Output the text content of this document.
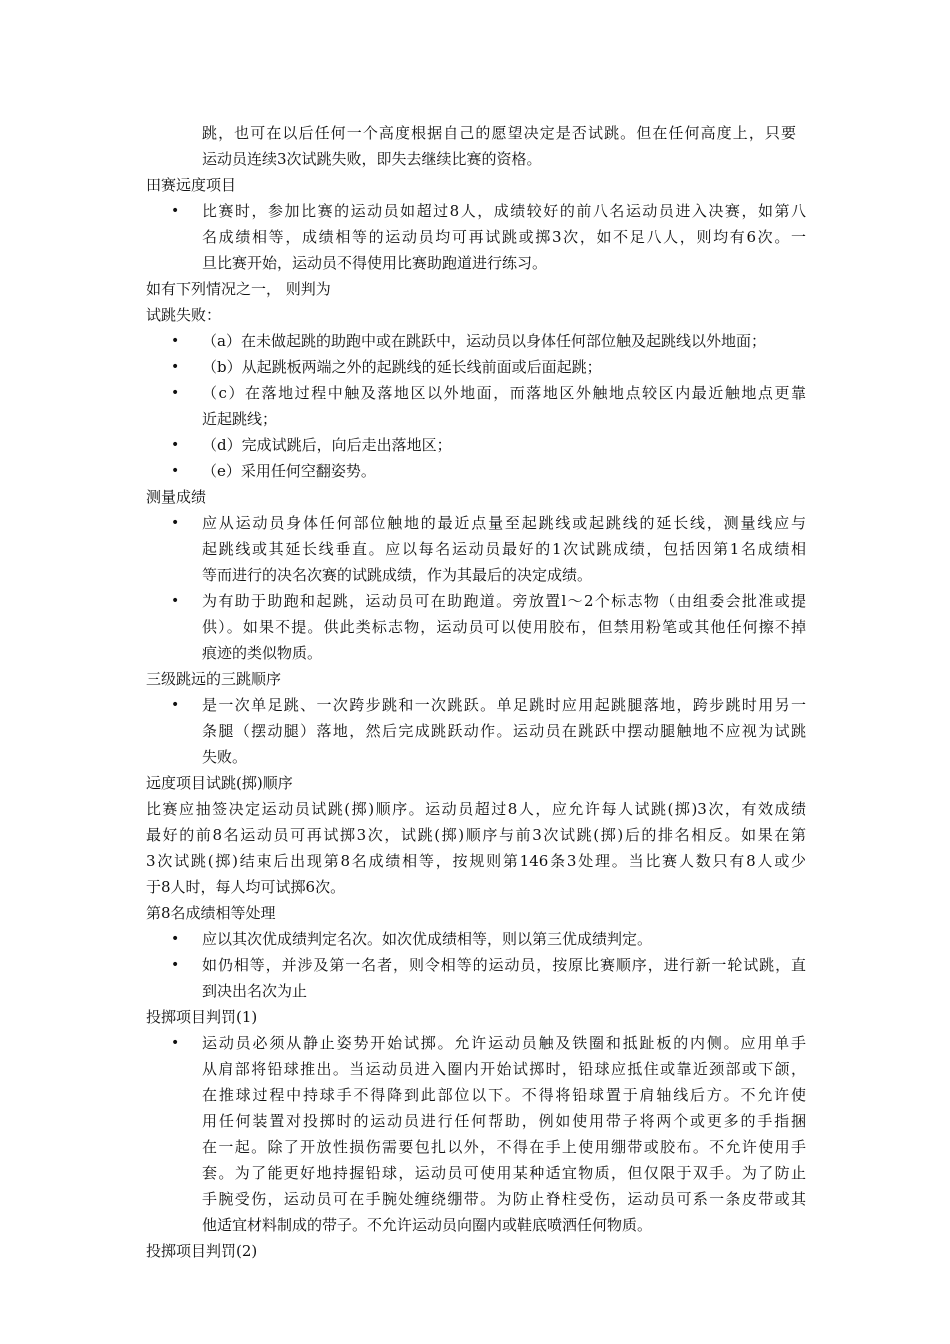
跳，也可在以后任何一个高度根据自己的愿望决定是否试跳。但在任何高度上，只要
运动员连续3次试跳失败，即失去继续比赛的资格。
田赛远度项目
• 比赛时，参加比赛的运动员如超过8人，成绩较好的前八名运动员进入决赛，如第八
名成绩相等，成绩相等的运动员均可再试跳或掷3次，如不足八人，则均有6次。一
旦比赛开始，运动员不得使用比赛助跑道进行练习。
如有下列情况之一， 则判为
试跳失败：
• （a）在未做起跳的助跑中或在跳跃中，运动员以身体任何部位触及起跳线以外地面；
• （b）从起跳板两端之外的起跳线的延长线前面或后面起跳；
• （c）在落地过程中触及落地区以外地面，而落地区外触地点较区内最近触地点更靠
近起跳线；
• （d）完成试跳后，向后走出落地区；
• （e）采用任何空翻姿势。
测量成绩
• 应从运动员身体任何部位触地的最近点量至起跳线或起跳线的延长线，测量线应与
起跳线或其延长线垂直。应以每名运动员最好的1次试跳成绩，包括因第1名成绩相
等而进行的决名次赛的试跳成绩，作为其最后的决定成绩。
• 为有助于助跑和起跳，运动员可在助跑道。旁放置l～2个标志物（由组委会批准或提
供）。如果不提。供此类标志物，运动员可以使用胶布，但禁用粉笔或其他任何擦不掉
痕迹的类似物质。
三级跳远的三跳顺序
• 是一次单足跳、一次跨步跳和一次跳跃。单足跳时应用起跳腿落地，跨步跳时用另一
条腿（摆动腿）落地，然后完成跳跃动作。运动员在跳跃中摆动腿触地不应视为试跳
失败。
远度项目试跳(掷)顺序
比赛应抽签决定运动员试跳(掷)顺序。运动员超过8人，应允许每人试跳(掷)3次，有效成绩
最好的前8名运动员可再试掷3次，试跳(掷)顺序与前3次试跳(掷)后的排名相反。如果在第
3次试跳(掷)结束后出现第8名成绩相等，按规则第146条3处理。当比赛人数只有8人或少
于8人时，每人均可试掷6次。
第8名成绩相等处理
• 应以其次优成绩判定名次。如次优成绩相等，则以第三优成绩判定。
• 如仍相等，并涉及第一名者，则令相等的运动员，按原比赛顺序，进行新一轮试跳，直
到决出名次为止
投掷项目判罚(1)
• 运动员必须从静止姿势开始试掷。允许运动员触及铁圈和抵趾板的内侧。应用单手
从肩部将铅球推出。当运动员进入圈内开始试掷时，铅球应抵住或靠近颈部或下颌，
在推球过程中持球手不得降到此部位以下。不得将铅球置于肩轴线后方。不允许使
用任何装置对投掷时的运动员进行任何帮助，例如使用带子将两个或更多的手指捆
在一起。除了开放性损伤需要包扎以外，不得在手上使用绷带或胶布。不允许使用手
套。为了能更好地持握铅球，运动员可使用某种适宜物质，但仅限于双手。为了防止
手腕受伤，运动员可在手腕处缠绕绷带。为防止脊柱受伤，运动员可系一条皮带或其
他适宜材料制成的带子。不允许运动员向圈内或鞋底喷洒任何物质。
投掷项目判罚(2)
